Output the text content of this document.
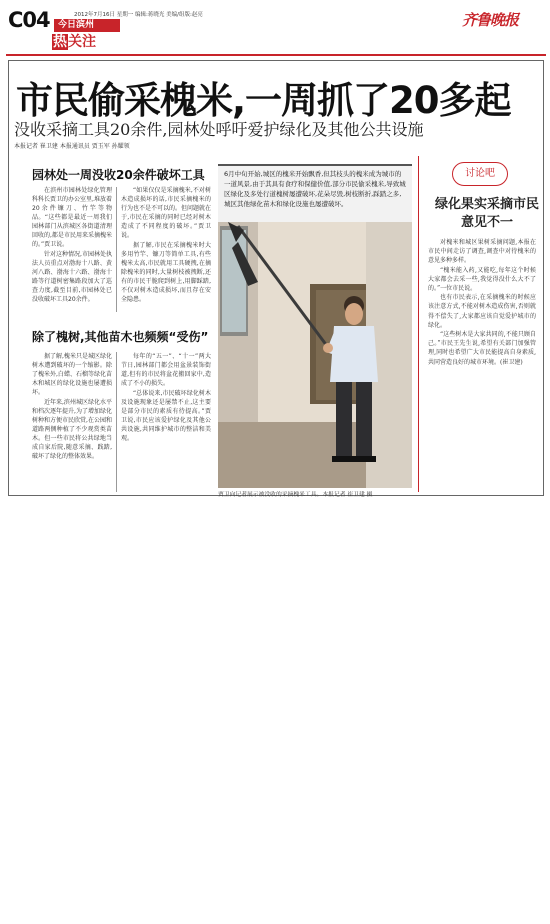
C04	2012年7月16日 星期一 编辑:蒋晓光 美编/组版:赵亮
今日滨州
热关注
齐鲁晚报
市民偷采槐米,一周抓了20多起
没收采摘工具20余件,园林处呼吁爱护绿化及其他公共设施
本报记者 崔卫建 本报通讯员 贾玉军 孙耀领
园林处一周没收20余件破坏工具

在滨州市园林处绿化管理科科长贾卫的办公室里,堆放着20余件镰刀、竹竿等物品。“这些都是最近一周我们园林部门从滨城区各街道清理回收的,都是市民用来采摘槐米的。”贾卫说。

针对这种情况,市园林处执法人员重点对渤海十八路、黄河八路、渤海十六路、渤海十路等行道树密集路段加大了巡查力度,截至目前,市园林处已没收破坏工具20余件。

“如果仅仅是采摘槐米,不对树木造成损坏的话,市民采摘槐米的行为也不是不可以的。但问题就在于,市民在采摘的同时已经对树木造成了不同程度的破坏。”贾卫说。

据了解,市民在采摘槐米时大多用竹竿、镰刀等简单工具,有些槐米太高,市民就用工具硬拽,在摘除槐米的同时,大量树枝被拽断,还有的市民干脆爬到树上,用脚踩踏,不仅对树木造成损坏,而且存在安全隐患。

除了槐树,其他苗木也频频“受伤”

据了解,槐米只是城区绿化树木遭到破坏的一个缩影。除了槐米外,白蜡、石榴等绿化苗木和城区的绿化设施也屡遭损坏。

近年来,滨州城区绿化水平和档次逐年提升,为了增加绿化树种和方便市民欣赏,在公园和道路两侧种植了不少观赏类苗木。但一些市民将公共绿地当成自家后院,随意采摘、践踏,破坏了绿化的整体效果。

每年的“五一”、“十一”两大节日,园林部门都会用盆景装饰街道,但有的市民将盆花搬回家中,造成了不小的损失。

“总体说来,市民破坏绿化树木及设施现象还是屡禁不止,这主要是部分市民的素质有待提高。”贾卫说,市民应该爱护绿化及其他公共设施,共同维护城市的整洁和美观。

6月中旬开始,城区的槐米开始飘香,但其枝头的槐米成为城市的一道风景,由于其具有食疗和保健价值,部分市民偷采槐米,导致城区绿化及多处行道槐树屡遭破坏,花朵尽毁,树枝断折,踩踏之多,城区其他绿化苗木和绿化设施也屡遭破坏。
贾卫向记者展示被没收的采摘槐米工具。本报记者 崔卫建 摄
讨论吧
绿化果实采摘市民意见不一

对槐米和城区果树采摘问题,本报在市民中间走访了调查,调查中对待槐米的意见多种多样。

“槐米能入药,又能吃,每年这个时候大家都会去采一些,我觉得没什么大不了的。”一位市民说。

也有市民表示,在采摘槐米的时候应该注意方式,不能对树木造成伤害,否则就得不偿失了,大家都应该自觉爱护城市的绿化。

“这些树木是大家共同的,不能只顾自己。”市民王先生说,希望有关部门加强管理,同时也希望广大市民能提高自身素质,共同营造良好的城市环境。(崔卫建)
